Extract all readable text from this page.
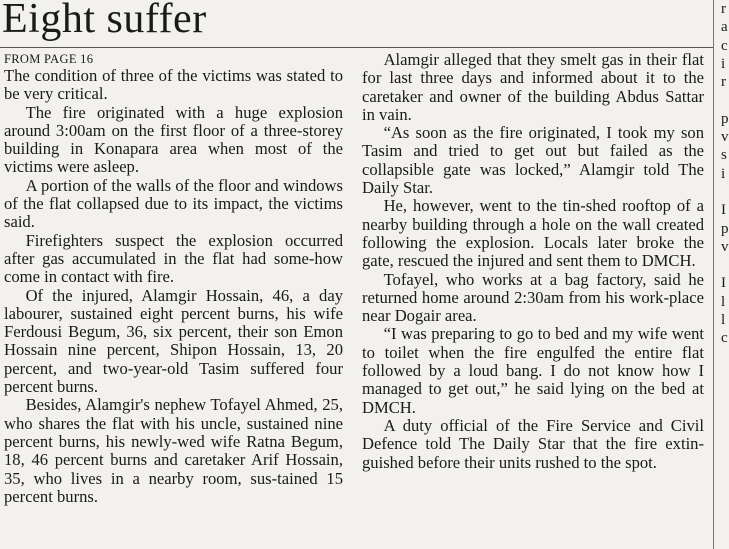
Eight suffer
FROM PAGE 16

The condition of three of the victims was stated to be very critical.

The fire originated with a huge explosion around 3:00am on the first floor of a three-storey building in Konapara area when most of the victims were asleep.

A portion of the walls of the floor and windows of the flat collapsed due to its impact, the victims said.

Firefighters suspect the explosion occurred after gas accumulated in the flat had some-how come in contact with fire.

Of the injured, Alamgir Hossain, 46, a day labourer, sustained eight percent burns, his wife Ferdousi Begum, 36, six percent, their son Emon Hossain nine percent, Shipon Hossain, 13, 20 percent, and two-year-old Tasim suffered four percent burns.

Besides, Alamgir's nephew Tofayel Ahmed, 25, who shares the flat with his uncle, sustained nine percent burns, his newly-wed wife Ratna Begum, 18, 46 percent burns and caretaker Arif Hossain, 35, who lives in a nearby room, sus-tained 15 percent burns.

Alamgir alleged that they smelt gas in their flat for last three days and informed about it to the caretaker and owner of the building Abdus Sattar in vain.

“As soon as the fire originated, I took my son Tasim and tried to get out but failed as the collapsible gate was locked,” Alamgir told The Daily Star.

He, however, went to the tin-shed rooftop of a nearby building through a hole on the wall created following the explosion. Locals later broke the gate, rescued the injured and sent them to DMCH.

Tofayel, who works at a bag factory, said he returned home around 2:30am from his work-place near Dogair area.

“I was preparing to go to bed and my wife went to toilet when the fire engulfed the entire flat followed by a loud bang. I do not know how I managed to get out,” he said lying on the bed at DMCH.

A duty official of the Fire Service and Civil Defence told The Daily Star that the fire extin-guished before their units rushed to the spot.

r
a
c
i
r

p
v
s
i

I
p
v

I
l
l
c
